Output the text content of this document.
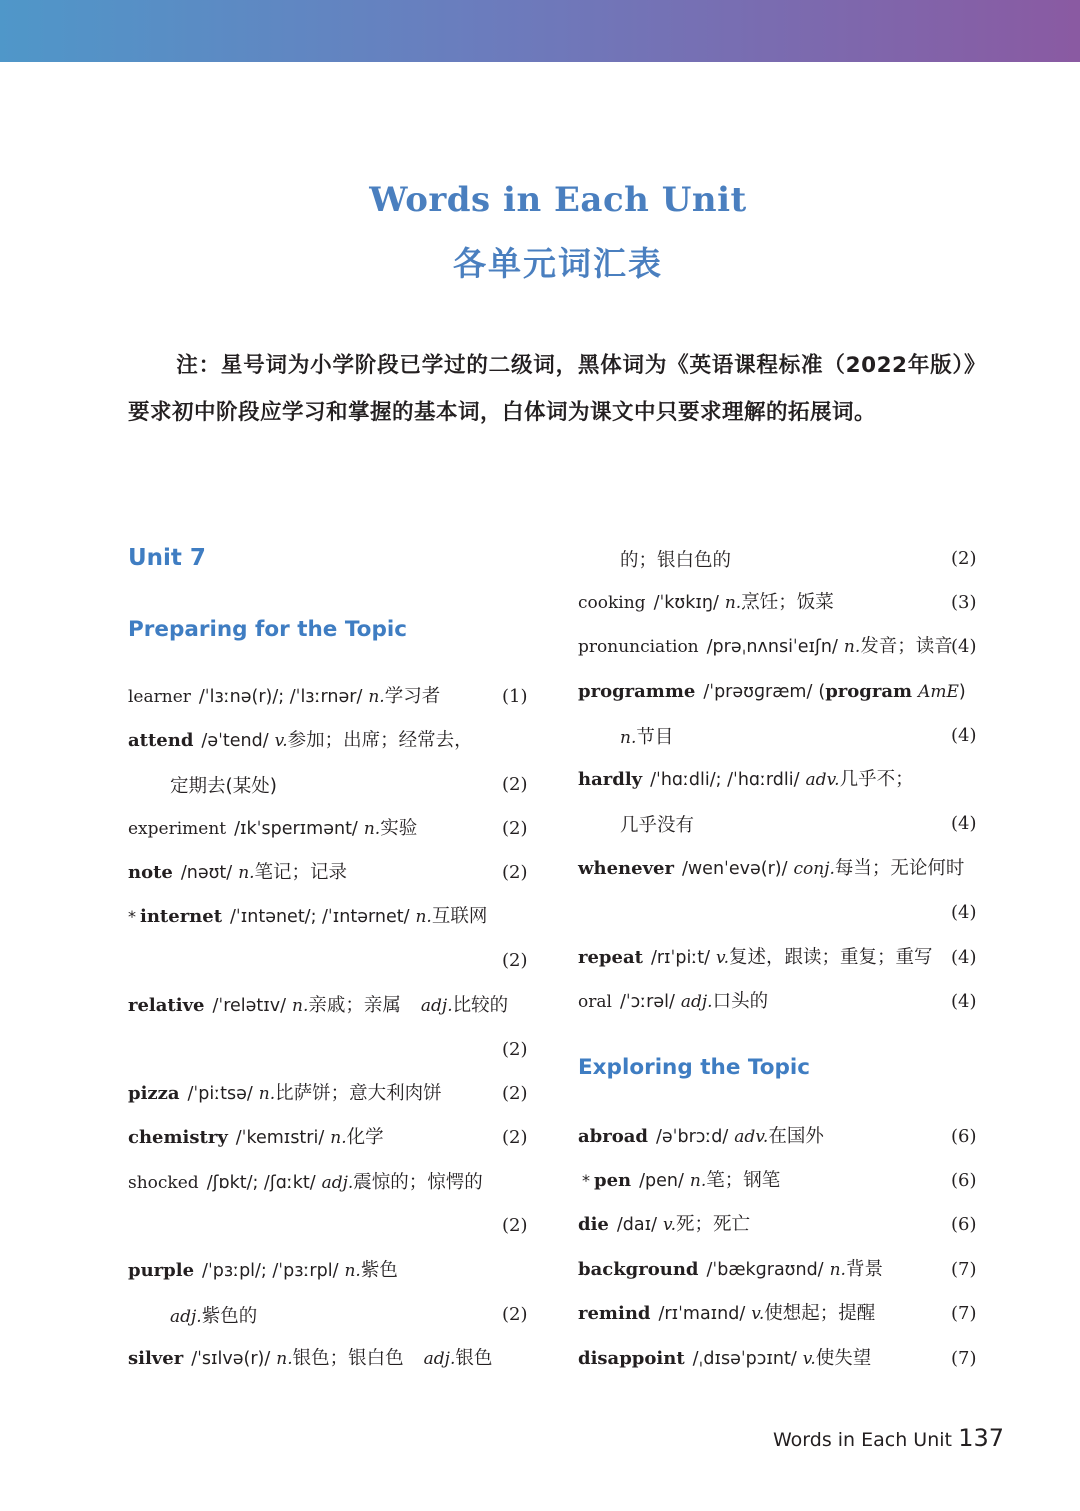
Words in Each Unit
各单元词汇表
注：星号词为小学阶段已学过的二级词，黑体词为《英语课程标准（2022年版）》要求初中阶段应学习和掌握的基本词，白体词为课文中只要求理解的拓展词。
Unit 7
Preparing for the Topic
Exploring the Topic
learner /ˈlɜːnə(r)/; /ˈlɜːrnər/ n.学习者	(1)
attend /əˈtend/ v.参加；出席；经常去，
定期去(某处)	(2)
experiment /ɪkˈsperɪmənt/ n.实验	(2)
note /nəʊt/ n.笔记；记录	(2)
* internet /ˈɪntənet/; /ˈɪntərnet/ n.互联网
(2)
relative /ˈrelətɪv/ n.亲戚；亲属 adj.比较的
(2)
pizza /ˈpiːtsə/ n.比萨饼；意大利肉饼	(2)
chemistry /ˈkemɪstri/ n.化学	(2)
shocked /ʃɒkt/; /ʃɑːkt/ adj.震惊的；惊愕的
(2)
purple /ˈpɜːpl/; /ˈpɜːrpl/ n.紫色
adj.紫色的	(2)
silver /ˈsɪlvə(r)/ n.银色；银白色 adj.银色
的；银白色的	(2)
cooking /ˈkʊkɪŋ/ n.烹饪；饭菜	(3)
pronunciation /prəˌnʌnsiˈeɪʃn/ n.发音；读音
(4)
programme /ˈprəʊɡræm/ (program AmE)
n.节目	(4)
hardly /ˈhɑːdli/; /ˈhɑːrdli/ adv.几乎不；
几乎没有	(4)
whenever /wenˈevə(r)/ conj.每当；无论何时
(4)
repeat /rɪˈpiːt/ v.复述，跟读；重复；重写 (4)
oral /ˈɔːrəl/ adj.口头的	(4)
abroad /əˈbrɔːd/ adv.在国外	(6)
* pen /pen/ n.笔；钢笔	(6)
die /daɪ/ v.死；死亡	(6)
background /ˈbækɡraʊnd/ n.背景	(7)
remind /rɪˈmaɪnd/ v.使想起；提醒	(7)
disappoint /ˌdɪsəˈpɔɪnt/ v.使失望	(7)
Words in Each Unit 137
